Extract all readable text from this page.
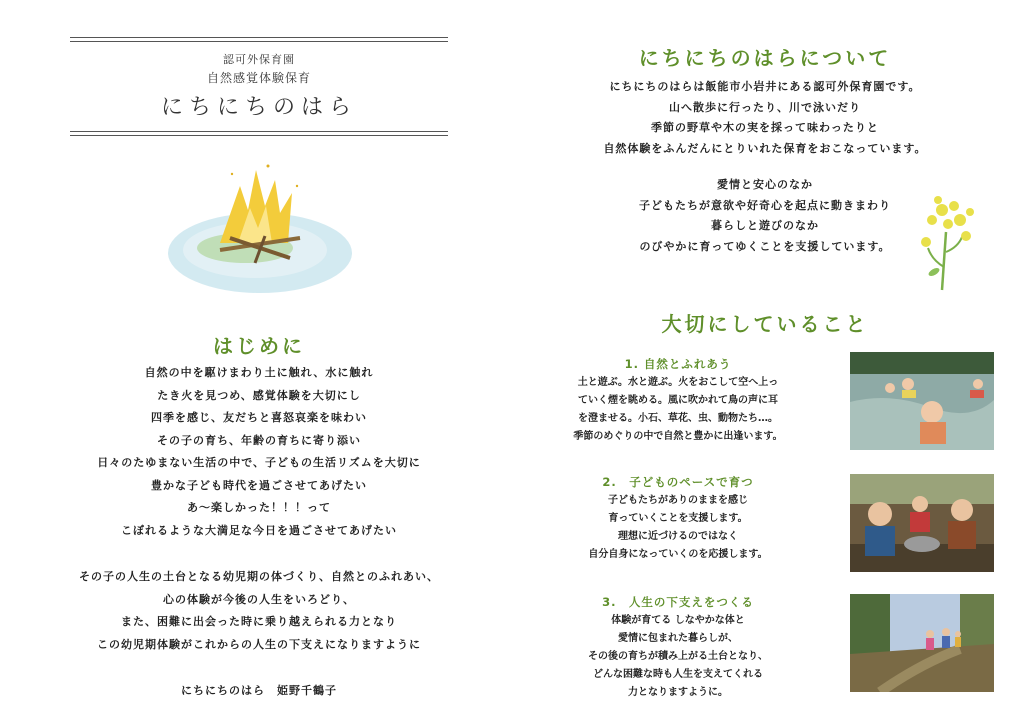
認可外保育園
自然感覚体験保育
にちにちのはら
はじめに
自然の中を駆けまわり土に触れ、水に触れ
たき火を見つめ、感覚体験を大切にし
四季を感じ、友だちと喜怒哀楽を味わい
その子の育ち、年齢の育ちに寄り添い
日々のたゆまない生活の中で、子どもの生活リズムを大切に
豊かな子ども時代を過ごさせてあげたい
あ〜楽しかった！！！って
こぼれるような大満足な今日を過ごさせてあげたい
その子の人生の土台となる幼児期の体づくり、自然とのふれあい、
心の体験が今後の人生をいろどり、
また、困難に出会った時に乗り越えられる力となり
この幼児期体験がこれからの人生の下支えになりますように
にちにちのはら　姫野千鶴子
にちにちのはらについて
にちにちのはらは飯能市小岩井にある認可外保育園です。
山へ散歩に行ったり、川で泳いだり
季節の野草や木の実を採って味わったりと
自然体験をふんだんにとりいれた保育をおこなっています。
愛情と安心のなか
子どもたちが意欲や好奇心を起点に動きまわり
暮らしと遊びのなか
のびやかに育ってゆくことを支援しています。
大切にしていること
1. 自然とふれあう
土と遊ぶ。水と遊ぶ。火をおこして空へ上っ
ていく煙を眺める。風に吹かれて鳥の声に耳
を澄ませる。小石、草花、虫、動物たち…。
季節のめぐりの中で自然と豊かに出逢います。
2.　子どものペースで育つ
子どもたちがありのままを感じ
育っていくことを支援します。
理想に近づけるのではなく
自分自身になっていくのを応援します。
3.　人生の下支えをつくる
体験が育てる しなやかな体と
愛情に包まれた暮らしが、
その後の育ちが積み上がる土台となり、
どんな困難な時も人生を支えてくれる
力となりますように。
